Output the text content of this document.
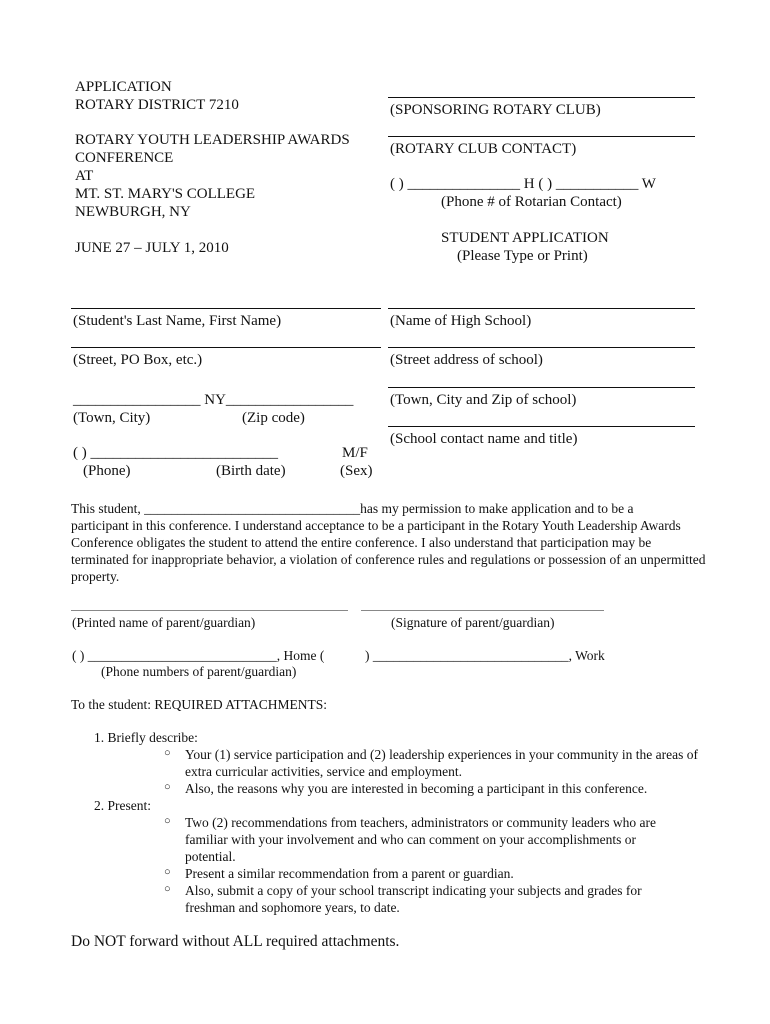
APPLICATION
ROTARY DISTRICT 7210
ROTARY YOUTH LEADERSHIP AWARDS
CONFERENCE
AT
MT. ST. MARY'S COLLEGE
NEWBURGH, NY
JUNE 27 – JULY 1, 2010
(SPONSORING ROTARY CLUB)
(ROTARY CLUB CONTACT)
( ) _______________ H ( ) ___________ W
(Phone # of Rotarian Contact)
STUDENT APPLICATION
(Please Type or Print)
(Student's Last Name, First Name)
(Street, PO Box, etc.)
_________________ NY_________________
(Town, City)	(Zip code)
( ) _________________________	M/F
(Phone)	(Birth date)	(Sex)
(Name of High School)
(Street address of school)
(Town, City and Zip of school)
(School contact name and title)
This student, ________________________________has my permission to make application and to be a
participant in this conference. I understand acceptance to be a participant in the Rotary Youth Leadership Awards Conference obligates the student to attend the entire conference. I also understand that participation may be terminated for inappropriate behavior, a violation of conference rules and regulations or possession of an unpermitted property.
(Printed name of parent/guardian)	(Signature of parent/guardian)
( ) ____________________________, Home (	) _____________________________, Work
(Phone numbers of parent/guardian)
To the student: REQUIRED ATTACHMENTS:
1. Briefly describe:
○ Your (1) service participation and (2) leadership experiences in your community in the areas of extra curricular activities, service and employment.
○ Also, the reasons why you are interested in becoming a participant in this conference.
2. Present:
○ Two (2) recommendations from teachers, administrators or community leaders who are familiar with your involvement and who can comment on your accomplishments or potential.
○ Present a similar recommendation from a parent or guardian.
○ Also, submit a copy of your school transcript indicating your subjects and grades for freshman and sophomore years, to date.
Do NOT forward without ALL required attachments.
